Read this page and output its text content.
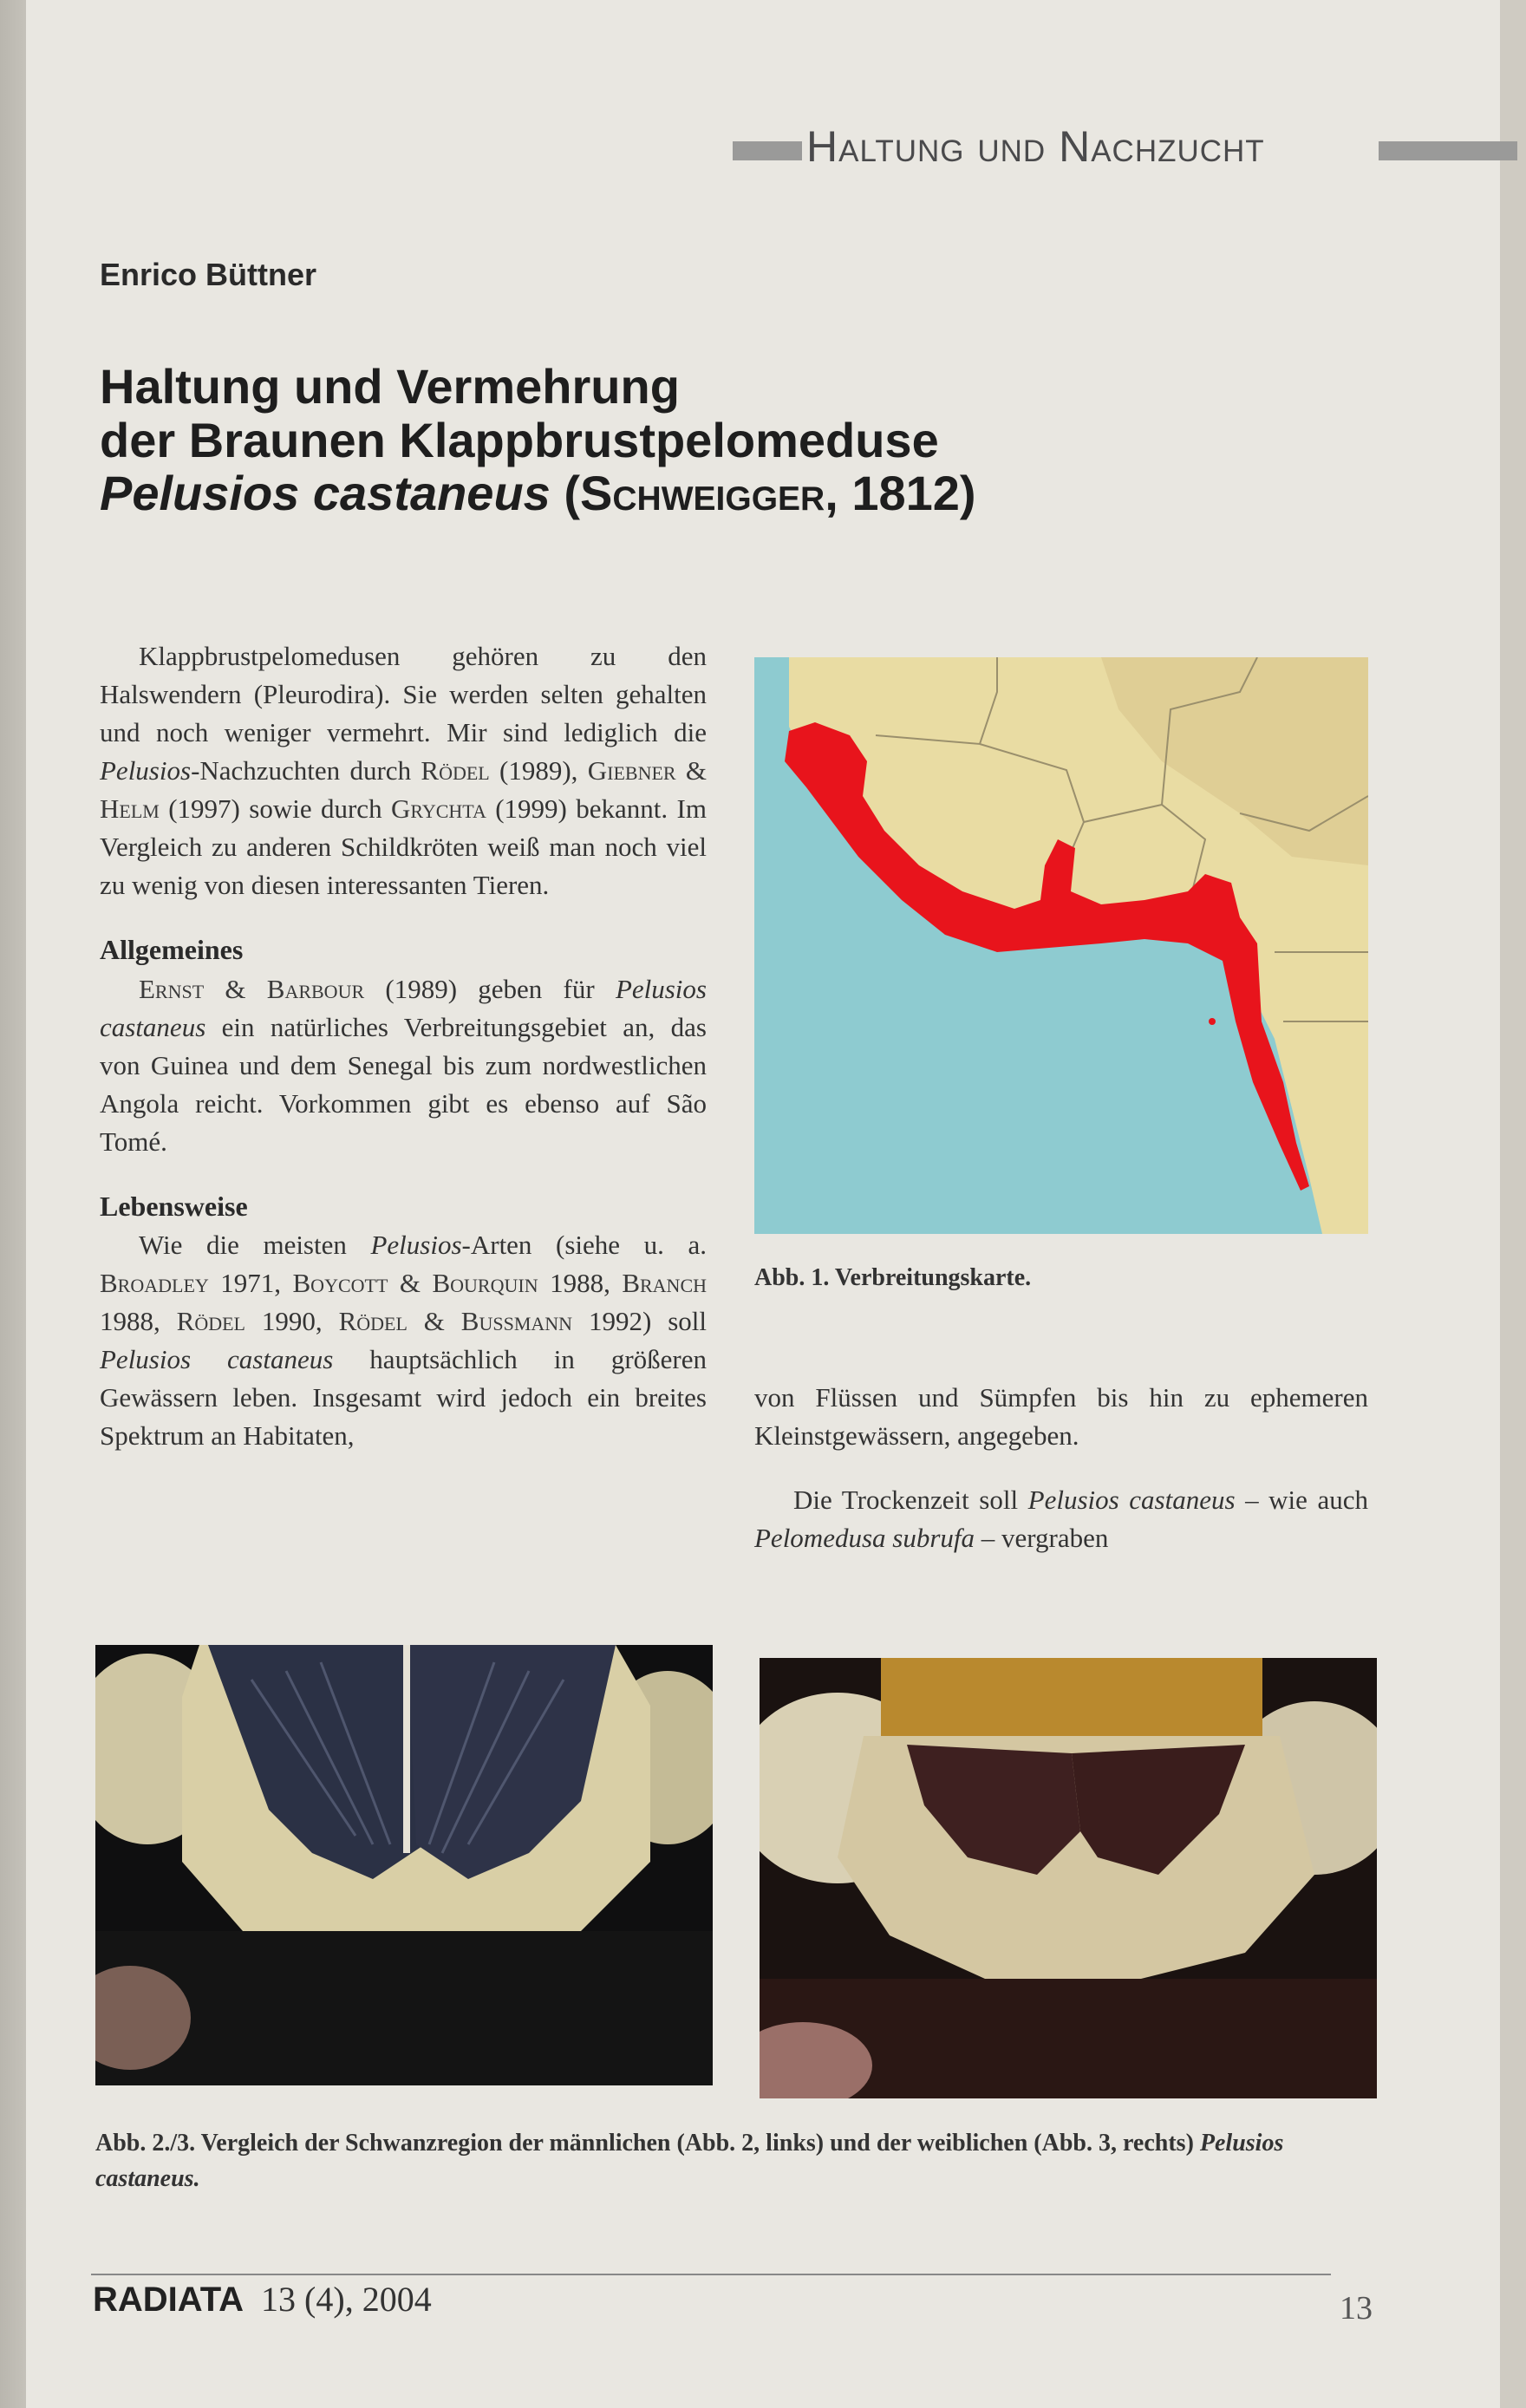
Haltung und Nachzucht
Enrico Büttner
Haltung und Vermehrung
der Braunen Klappbrustpelomeduse
Pelusios castaneus (Schweigger, 1812)

Klappbrustpelomedusen gehören zu den Halswendern (Pleurodira). Sie werden selten gehalten und noch weniger vermehrt. Mir sind lediglich die Pelusios-Nachzuchten durch Rödel (1989), Giebner & Helm (1997) sowie durch Grychta (1999) bekannt. Im Vergleich zu anderen Schildkröten weiß man noch viel zu wenig von diesen interessanten Tieren.

Allgemeines

Ernst & Barbour (1989) geben für Pelusios castaneus ein natürliches Verbreitungsgebiet an, das von Guinea und dem Senegal bis zum nordwestlichen Angola reicht. Vorkommen gibt es ebenso auf São Tomé.

Lebensweise

Wie die meisten Pelusios-Arten (siehe u. a. Broadley 1971, Boycott & Bourquin 1988, Branch 1988, Rödel 1990, Rödel & Bussmann 1992) soll Pelusios castaneus hauptsächlich in größeren Gewässern leben. Insgesamt wird jedoch ein breites Spektrum an Habitaten,

Abb. 1. Verbreitungskarte.

von Flüssen und Sümpfen bis hin zu ephemeren Kleinstgewässern, angegeben.

Die Trockenzeit soll Pelusios castaneus – wie auch Pelomedusa subrufa – vergraben

Abb. 2./3. Vergleich der Schwanzregion der männlichen (Abb. 2, links) und der weiblichen (Abb. 3, rechts) Pelusios castaneus.
RADIATA 13 (4), 2004	13
